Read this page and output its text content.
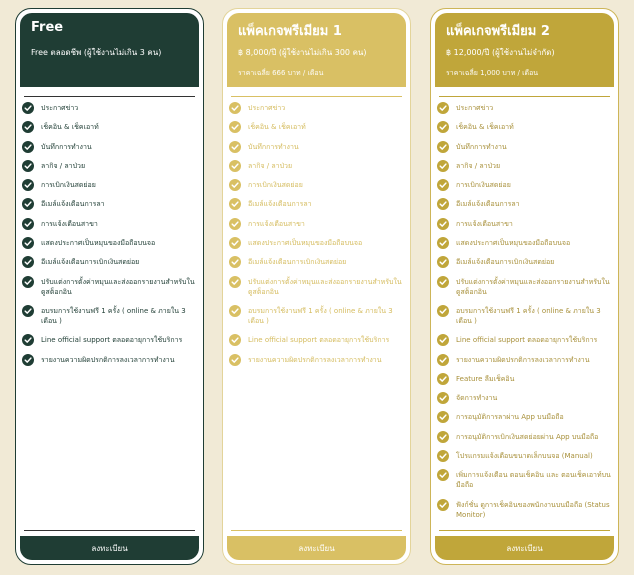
Free
Free ตลอดชีพ (ผู้ใช้งานไม่เกิน 3 คน)
ประกาศข่าว
เช็คอิน & เช็คเอาท์
บันทึกการทำงาน
ลากิจ / ลาป่วย
การเบิกเงินสดย่อย
อีเมล์แจ้งเตือนการลา
การแจ้งเตือนสาขา
แสดงประกาศเป็นหมุนของมือถือบนจอ
อีเมล์แจ้งเตือนการเบิกเงินสดย่อย
ปรับแต่งการตั้งค่าหมุนและส่งออกรายงานสำหรับในดูสต็อกอิน
อบรมการใช้งานฟรี 1 ครั้ง ( online & ภายใน 3 เดือน )
Line official support ตลอดอายุการใช้บริการ
รายงานความผิดปรกติการลงเวลาการทำงาน
ลงทะเบียน
แพ็คเกจพรีเมียม 1
฿ 8,000/ปี (ผู้ใช้งานไม่เกิน 300 คน)
ราคาเฉลี่ย 666 บาท / เดือน
ประกาศข่าว
เช็คอิน & เช็คเอาท์
บันทึกการทำงาน
ลากิจ / ลาป่วย
การเบิกเงินสดย่อย
อีเมล์แจ้งเตือนการลา
การแจ้งเตือนสาขา
แสดงประกาศเป็นหมุนของมือถือบนจอ
อีเมล์แจ้งเตือนการเบิกเงินสดย่อย
ปรับแต่งการตั้งค่าหมุนและส่งออกรายงานสำหรับในดูสต็อกอิน
อบรมการใช้งานฟรี 1 ครั้ง ( online & ภายใน 3 เดือน )
Line official support ตลอดอายุการใช้บริการ
รายงานความผิดปรกติการลงเวลาการทำงาน
ลงทะเบียน
แพ็คเกจพรีเมียม 2
฿ 12,000/ปี (ผู้ใช้งานไม่จำกัด)
ราคาเฉลี่ย 1,000 บาท / เดือน
ประกาศข่าว
เช็คอิน & เช็คเอาท์
บันทึกการทำงาน
ลากิจ / ลาป่วย
การเบิกเงินสดย่อย
อีเมล์แจ้งเตือนการลา
การแจ้งเตือนสาขา
แสดงประกาศเป็นหมุนของมือถือบนจอ
อีเมล์แจ้งเตือนการเบิกเงินสดย่อย
ปรับแต่งการตั้งค่าหมุนและส่งออกรายงานสำหรับในดูสต็อกอิน
อบรมการใช้งานฟรี 1 ครั้ง ( online & ภายใน 3 เดือน )
Line official support ตลอดอายุการใช้บริการ
รายงานความผิดปรกติการลงเวลาการทำงาน
Feature ลืมเช็คอิน
จัดการทำงาน
การอนุมัติการลาผ่าน App บนมือถือ
การอนุมัติการเบิกเงินสดย่อยผ่าน App บนมือถือ
โปรแกรมแจ้งเตือนขนาดเล็กบนจอ (Manual)
เพิ่มการแจ้งเตือน ตอนเช็คอิน และ ตอนเช็คเอาท์บนมือถือ
ฟังก์ชั่น ดูการเช็คอินของพนักงานบนมือถือ (Status Monitor)
ลงทะเบียน
